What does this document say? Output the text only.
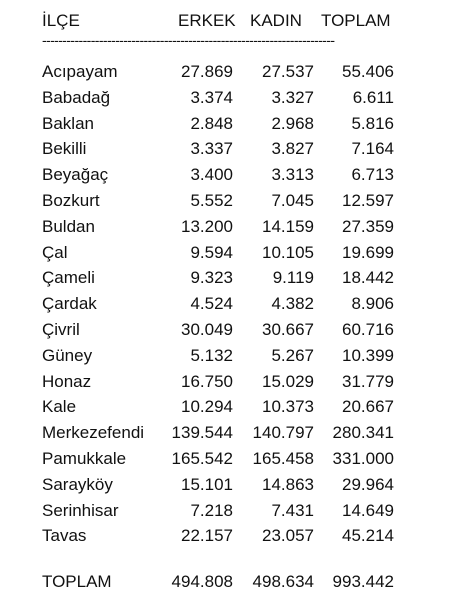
İLÇE	ERKEK KADIN TOPLAM
------------------------------------------------------------------------
Acıpayam	27.869 27.537 55.406
Babadağ	3.374 3.327 6.611
Baklan	2.848 2.968 5.816
Bekilli	3.337 3.827 7.164
Beyağaç	3.400 3.313 6.713
Bozkurt	5.552 7.045 12.597
Buldan	13.200 14.159 27.359
Çal	9.594 10.105 19.699
Çameli	9.323 9.119 18.442
Çardak	4.524 4.382 8.906
Çivril	30.049 30.667 60.716
Güney	5.132 5.267 10.399
Honaz	16.750 15.029 31.779
Kale	10.294 10.373 20.667
Merkezefendi 139.544 140.797 280.341
Pamukkale	165.542 165.458 331.000
Sarayköy	15.101 14.863 29.964
Serinhisar	7.218 7.431 14.649
Tavas	22.157 23.057 45.214
TOPLAM	494.808 498.634 993.442
